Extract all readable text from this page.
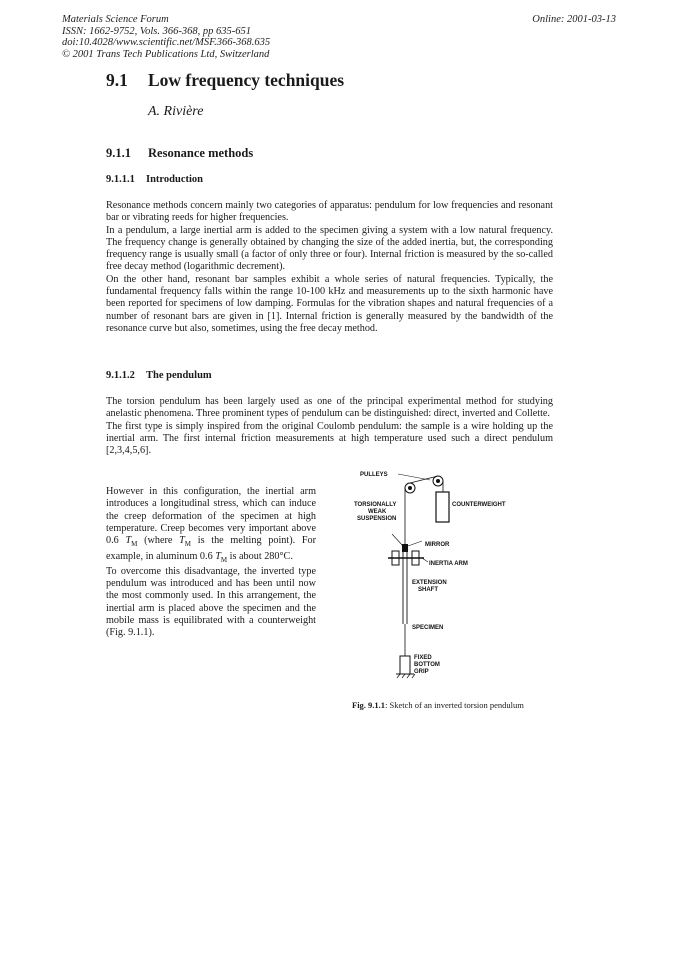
Materials Science Forum
ISSN: 1662-9752, Vols. 366-368, pp 635-651
doi:10.4028/www.scientific.net/MSF.366-368.635
© 2001 Trans Tech Publications Ltd, Switzerland
Online: 2001-03-13
9.1 Low frequency techniques
A. Rivière
9.1.1 Resonance methods
9.1.1.1 Introduction
Resonance methods concern mainly two categories of apparatus: pendulum for low frequencies and resonant bar or vibrating reeds for higher frequencies.
In a pendulum, a large inertial arm is added to the specimen giving a system with a low natural frequency. The frequency change is generally obtained by changing the size of the added inertia, but, the corresponding frequency range is usually small (a factor of only three or four). Internal friction is measured by the so-called free decay method (logarithmic decrement).
On the other hand, resonant bar samples exhibit a whole series of natural frequencies. Typically, the fundamental frequency falls within the range 10-100 kHz and measurements up to the sixth harmonic have been reported for specimens of low damping. Formulas for the vibration shapes and natural frequencies of a number of resonant bars are given in [1]. Internal friction is generally measured by the bandwidth of the resonance curve but also, sometimes, using the free decay method.
9.1.1.2 The pendulum
The torsion pendulum has been largely used as one of the principal experimental method for studying anelastic phenomena. Three prominent types of pendulum can be distinguished: direct, inverted and Collette.
The first type is simply inspired from the original Coulomb pendulum: the sample is a wire holding up the inertial arm. The first internal friction measurements at high temperature used such a direct pendulum [2,3,4,5,6].
However in this configuration, the inertial arm introduces a longitudinal stress, which can induce the creep deformation of the specimen at high temperature. Creep becomes very important above 0.6 $T_M$ (where $T_M$ is the melting point). For example, in aluminum 0.6 $T_M$ is about 280°C.
To overcome this disadvantage, the inverted type pendulum was introduced and has been until now the most commonly used. In this arrangement, the inertial arm is placed above the specimen and the mobile mass is equilibrated with a counterweight (Fig. 9.1.1).
PULLEYS
TORSIONALLY
WEAK
SUSPENSION
COUNTERWEIGHT
MIRROR
INERTIA ARM
EXTENSION
SHAFT
SPECIMEN
FIXED
BOTTOM
GRIP
Fig. 9.1.1: Sketch of an inverted torsion pendulum
